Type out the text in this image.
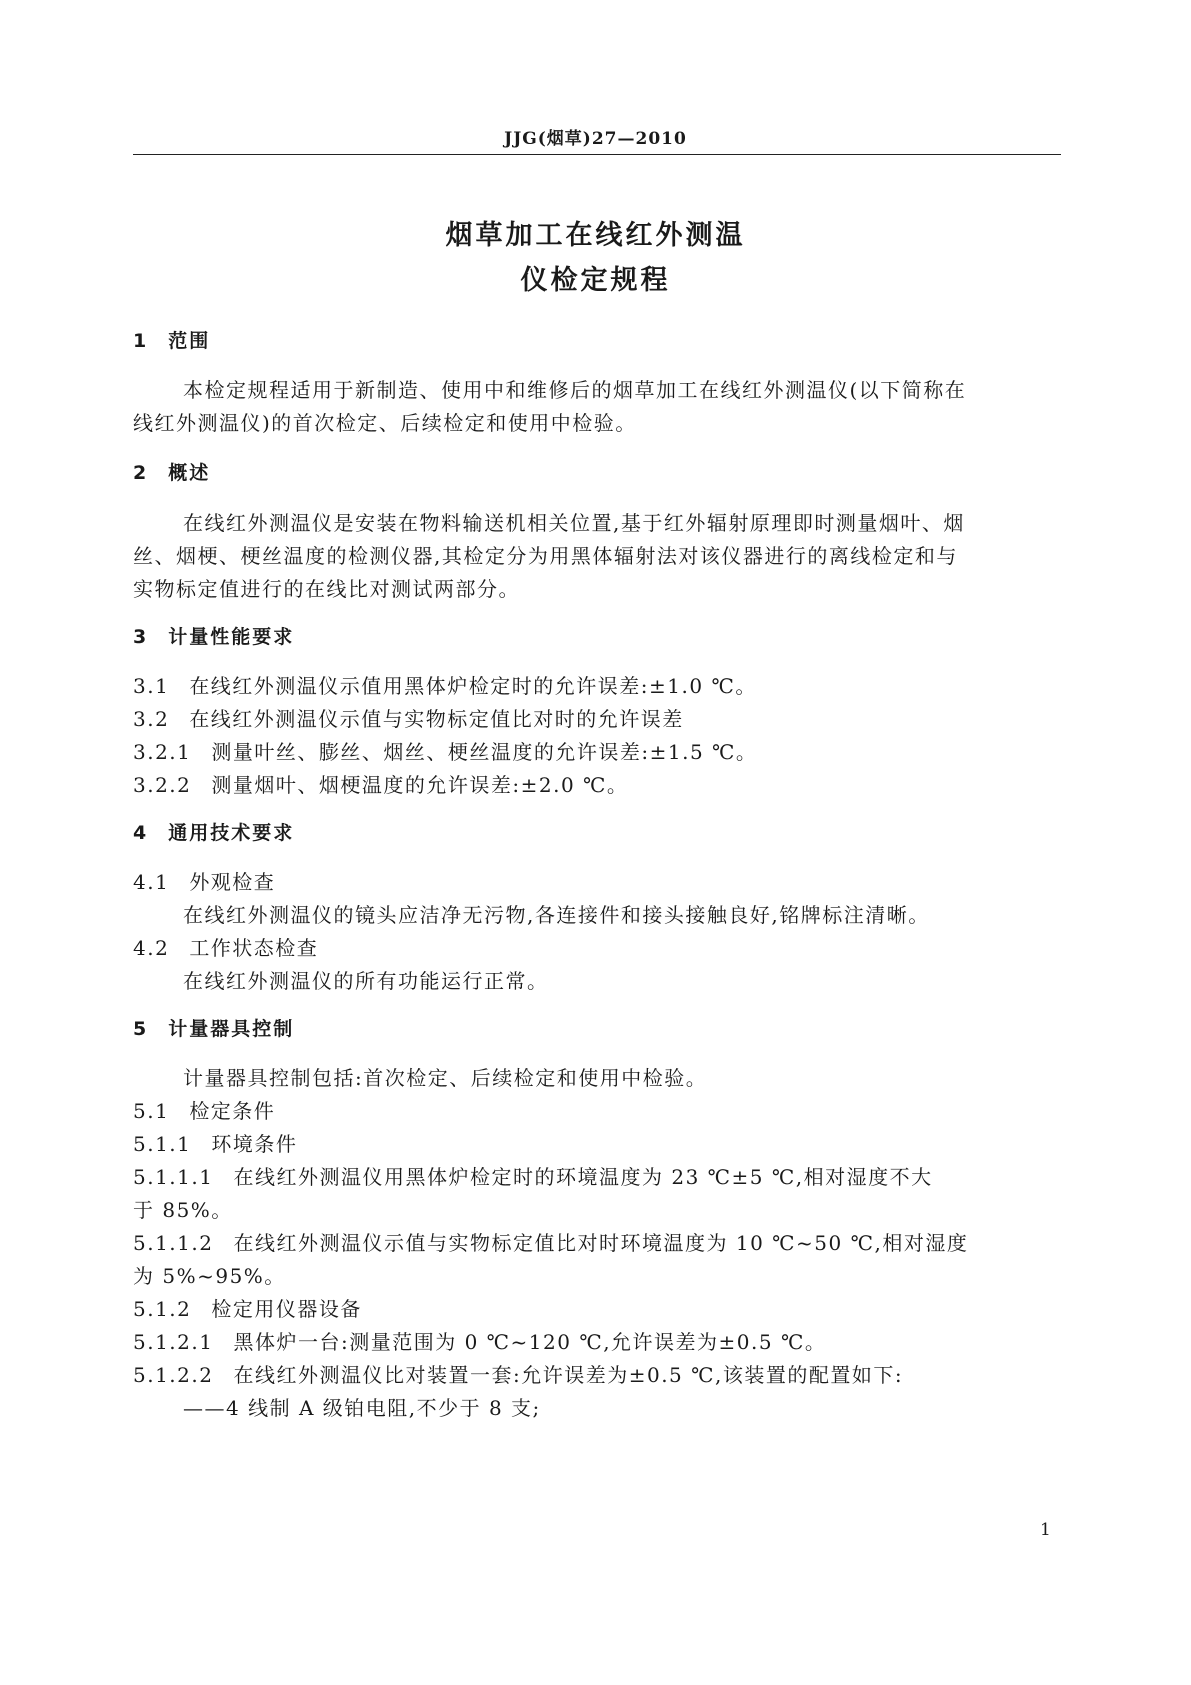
JJG(烟草)27—2010
烟草加工在线红外测温
仪检定规程
1 范围
本检定规程适用于新制造、使用中和维修后的烟草加工在线红外测温仪(以下简称在
线红外测温仪)的首次检定、后续检定和使用中检验。
2 概述
在线红外测温仪是安装在物料输送机相关位置,基于红外辐射原理即时测量烟叶、烟
丝、烟梗、梗丝温度的检测仪器,其检定分为用黑体辐射法对该仪器进行的离线检定和与
实物标定值进行的在线比对测试两部分。
3 计量性能要求
3.1 在线红外测温仪示值用黑体炉检定时的允许误差:±1.0 ℃。
3.2 在线红外测温仪示值与实物标定值比对时的允许误差
3.2.1 测量叶丝、膨丝、烟丝、梗丝温度的允许误差:±1.5 ℃。
3.2.2 测量烟叶、烟梗温度的允许误差:±2.0 ℃。
4 通用技术要求
4.1 外观检查
在线红外测温仪的镜头应洁净无污物,各连接件和接头接触良好,铭牌标注清晰。
4.2 工作状态检查
在线红外测温仪的所有功能运行正常。
5 计量器具控制
计量器具控制包括:首次检定、后续检定和使用中检验。
5.1 检定条件
5.1.1 环境条件
5.1.1.1 在线红外测温仪用黑体炉检定时的环境温度为 23 ℃±5 ℃,相对湿度不大
于 85%。
5.1.1.2 在线红外测温仪示值与实物标定值比对时环境温度为 10 ℃~50 ℃,相对湿度
为 5%~95%。
5.1.2 检定用仪器设备
5.1.2.1 黑体炉一台:测量范围为 0 ℃~120 ℃,允许误差为±0.5 ℃。
5.1.2.2 在线红外测温仪比对装置一套:允许误差为±0.5 ℃,该装置的配置如下:
——4 线制 A 级铂电阻,不少于 8 支;
1
